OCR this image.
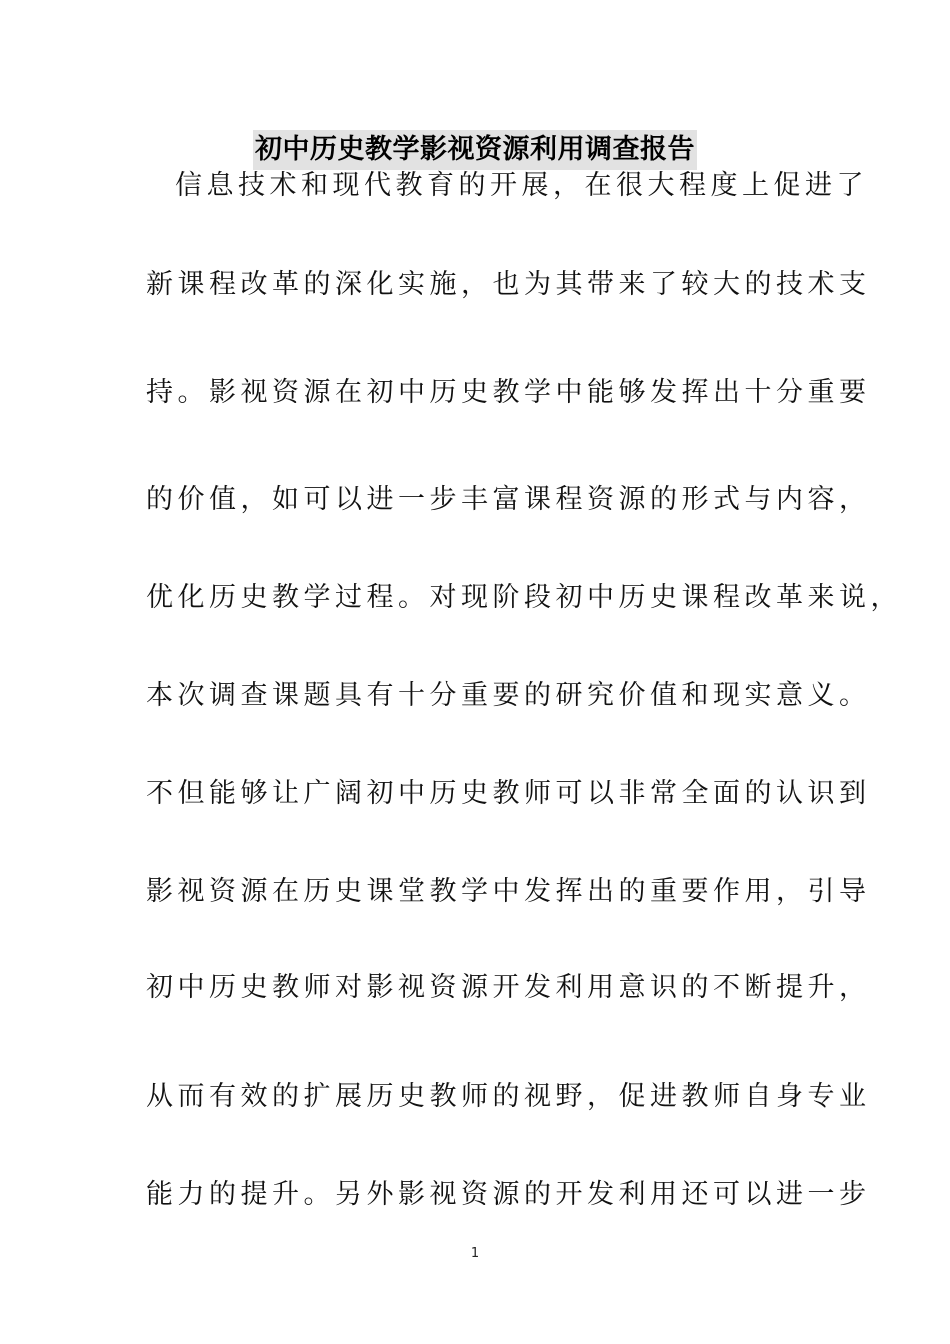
初中历史教学影视资源利用调查报告

信息技术和现代教育的开展，在很大程度上促进了

新课程改革的深化实施，也为其带来了较大的技术支

持。影视资源在初中历史教学中能够发挥出十分重要

的价值，如可以进一步丰富课程资源的形式与内容，

优化历史教学过程。对现阶段初中历史课程改革来说，

本次调查课题具有十分重要的研究价值和现实意义。

不但能够让广阔初中历史教师可以非常全面的认识到

影视资源在历史课堂教学中发挥出的重要作用，引导

初中历史教师对影视资源开发利用意识的不断提升，

从而有效的扩展历史教师的视野，促进教师自身专业

能力的提升。另外影视资源的开发利用还可以进一步

1
